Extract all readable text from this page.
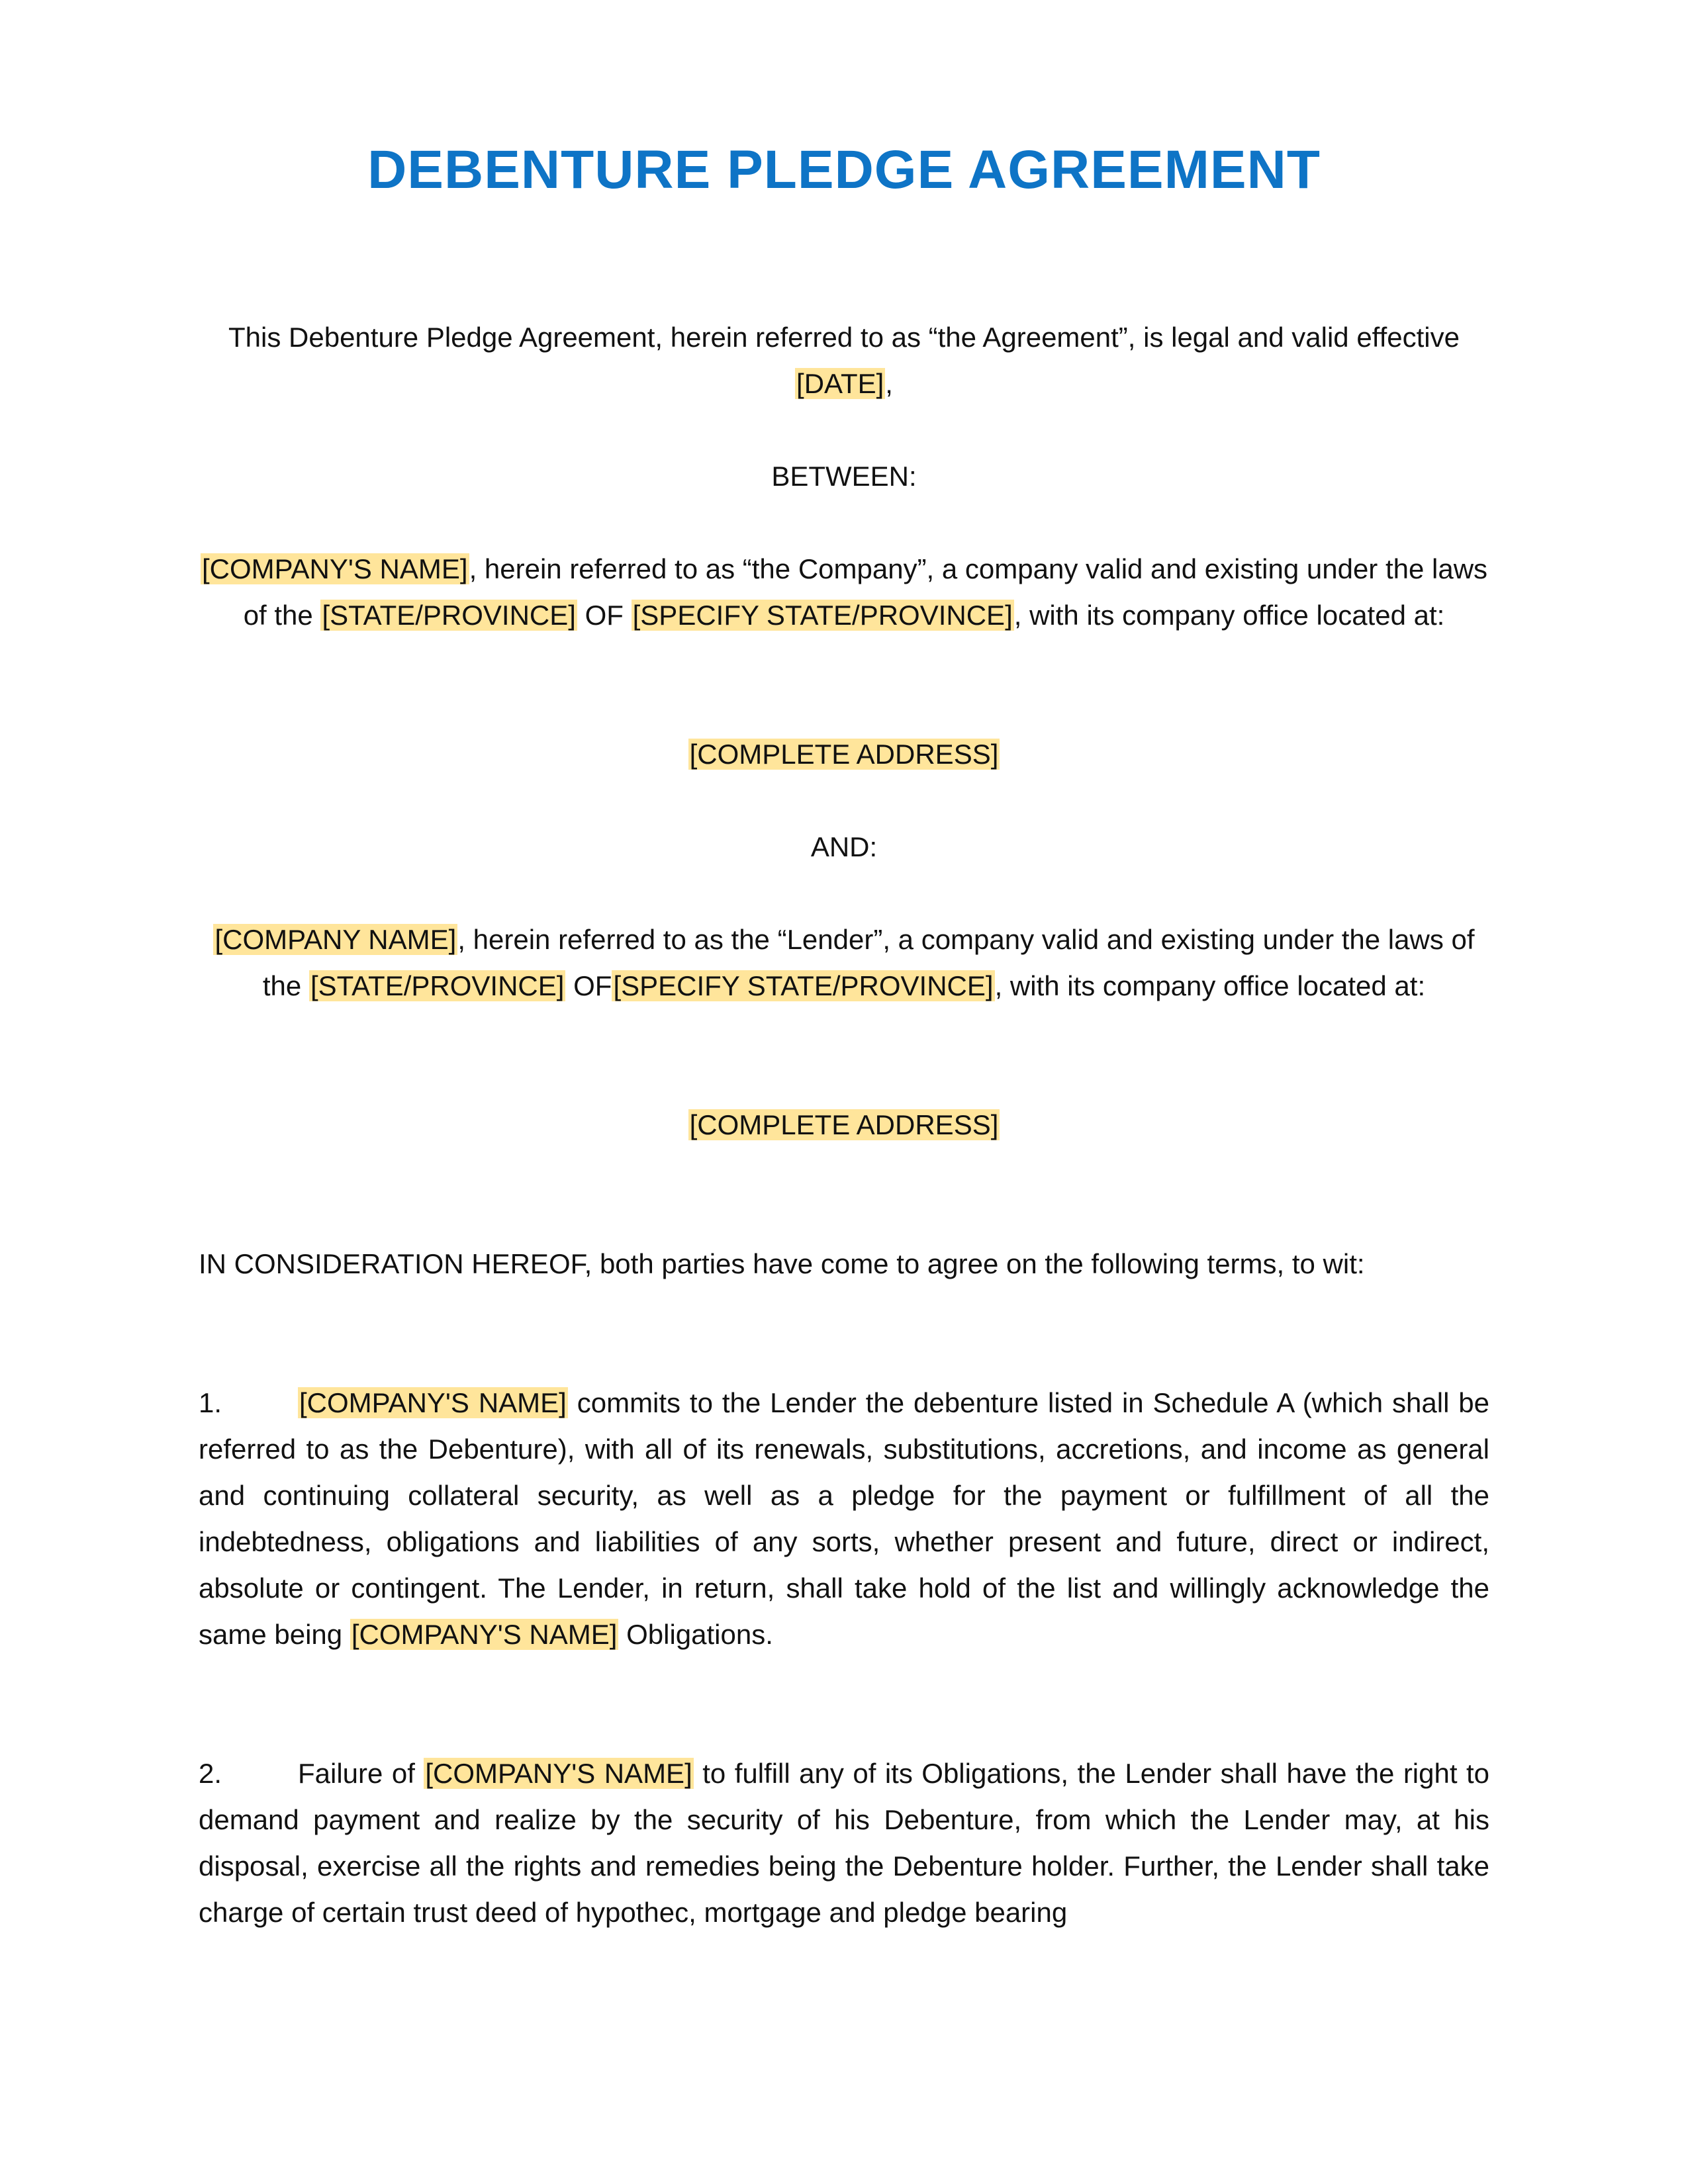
DEBENTURE PLEDGE AGREEMENT
This Debenture Pledge Agreement, herein referred to as “the Agreement”, is legal and valid effective [DATE],
BETWEEN:
[COMPANY'S NAME], herein referred to as “the Company”, a company valid and existing under the laws of the [STATE/PROVINCE] OF [SPECIFY STATE/PROVINCE], with its company office located at:
[COMPLETE ADDRESS]
AND:
[COMPANY NAME], herein referred to as the “Lender”, a company valid and existing under the laws of the [STATE/PROVINCE] OF[SPECIFY STATE/PROVINCE], with its company office located at:
[COMPLETE ADDRESS]
IN CONSIDERATION HEREOF, both parties have come to agree on the following terms, to wit:
1.	[COMPANY'S NAME] commits to the Lender the debenture listed in Schedule A (which shall be referred to as the Debenture), with all of its renewals, substitutions, accretions, and income as general and continuing collateral security, as well as a pledge for the payment or fulfillment of all the indebtedness, obligations and liabilities of any sorts, whether present and future, direct or indirect, absolute or contingent. The Lender, in return, shall take hold of the list and willingly acknowledge the same being [COMPANY'S NAME] Obligations.
2.	Failure of [COMPANY'S NAME] to fulfill any of its Obligations, the Lender shall have the right to demand payment and realize by the security of his Debenture, from which the Lender may, at his disposal, exercise all the rights and remedies being the Debenture holder. Further, the Lender shall take charge of certain trust deed of hypothec, mortgage and pledge bearing
